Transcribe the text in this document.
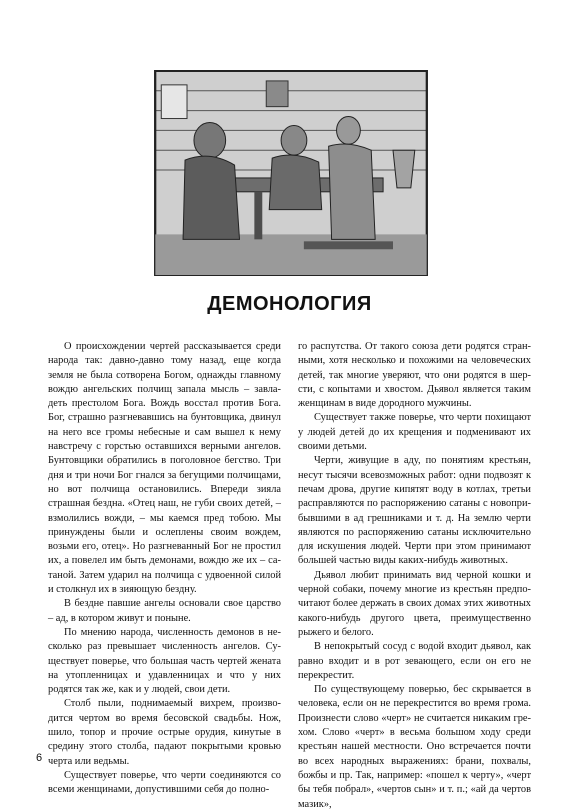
ДЕМОНОЛОГИЯ

О происхождении чертей рассказывается среди народа так: давно-давно тому назад, еще когда земля не была сотворена Богом, однажды главному вождю ангельских полчищ запала мысль – завладеть престолом Бога. Вождь восстал против Бога. Бог, страшно разгневавшись на бунтовщика, двинул на него все громы небесные и сам вышел к нему навстречу с горстью оставшихся верными ангелов. Бунтовщики обратились в поголовное бегство. Три дня и три ночи Бог гнался за бегущими полчищами, но вот полчища остановились. Впереди зияла страшная бездна. «Отец наш, не губи своих детей, – взмолились вожди, – мы каемся пред тобою. Мы принуждены были и ослеплены своим вождем, возьми его, отец». Но разгневанный Бог не простил их, а повелел им быть демонами, вождю же их – сатаной. Затем ударил на полчища с удвоенной силой и столкнул их в зияющую бездну.

В бездне павшие ангелы основали свое царство – ад, в котором живут и поныне.

По мнению народа, численность демонов в несколько раз превышает численность ангелов. Существует поверье, что большая часть чертей жената на утопленницах и удавленницах и что у них родятся так же, как и у людей, свои дети.

Столб пыли, поднимаемый вихрем, производится чертом во время бесовской свадьбы. Нож, шило, топор и прочие острые орудия, кинутые в средину этого столба, падают покрытыми кровью черта или ведьмы.

Существует поверье, что черти соединяются со всеми женщинами, допустившими себя до полно-

го распутства. От такого союза дети родятся странными, хотя несколько и похожими на человеческих детей, так многие уверяют, что они родятся в шерсти, с копытами и хвостом. Дьявол является таким женщинам в виде дородного мужчины.

Существует также поверье, что черти похищают у людей детей до их крещения и подменивают их своими детьми.

Черти, живущие в аду, по понятиям крестьян, несут тысячи всевозможных работ: одни подвозят к печам дрова, другие кипятят воду в котлах, третьи расправляются по распоряжению сатаны с новоприбывшими в ад грешниками и т. д. На землю черти являются по распоряжению сатаны исключительно для искушения людей. Черти при этом принимают большей частью виды каких-нибудь животных.

Дьявол любит принимать вид черной кошки и черной собаки, почему многие из крестьян предпочитают более держать в своих домах этих животных какого-нибудь другого цвета, преимущественно рыжего и белого.

В непокрытый сосуд с водой входит дьявол, как равно входит и в рот зевающего, если он его не перекрестит.

По существующему поверью, бес скрывается в человека, если он не перекрестится во время грома. Произнести слово «черт» не считается никаким грехом. Слово «черт» в весьма большом ходу среди крестьян нашей местности. Оно встречается почти во всех народных выражениях: брани, похвалы, божбы и пр. Так, например: «пошел к черту», «черт бы тебя побрал», «чертов сын» и т. п.; «ай да чертов мазик»,

6
